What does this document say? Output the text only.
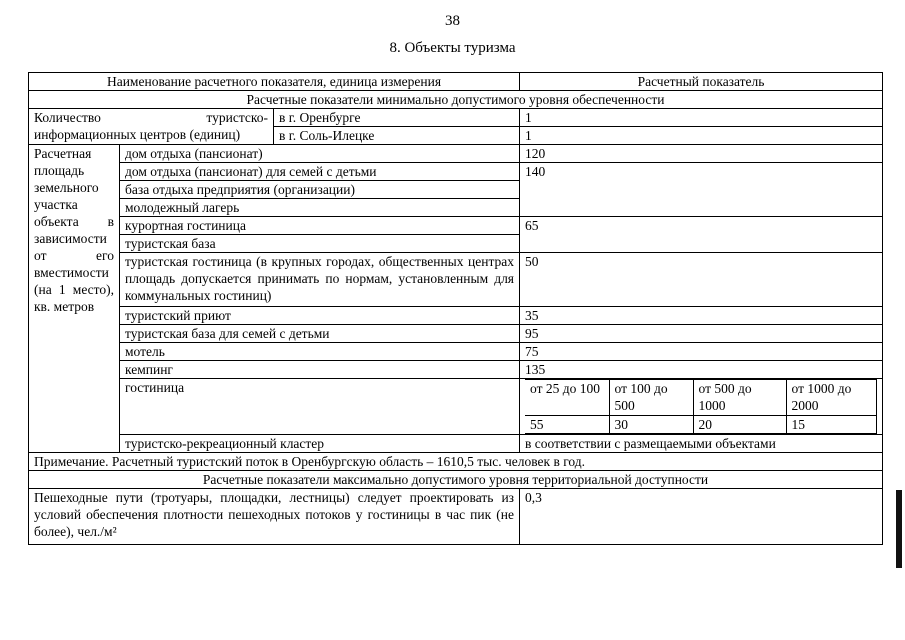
38
8. Объекты туризма
Наименование расчетного показателя, единица измерения	Расчетный показатель
Расчетные показатели минимально допустимого уровня обеспеченности
Количество туристско-информационных центров (единиц)	в г. Оренбурге	1
в г. Соль-Илецке	1
Расчетная площадь земельного участка объекта в зависимости от его вместимости (на 1 место), кв. метров	дом отдыха (пансионат)	120
дом отдыха (пансионат) для семей с детьми	140
база отдыха предприятия (организации)
молодежный лагерь
курортная гостиница	65
туристская база
туристская гостиница (в крупных городах, общественных центрах площадь допускается принимать по нормам, установленным для коммунальных гостиниц)	50
туристский приют	35
туристская база для семей с детьми	95
мотель	75
кемпинг	135
гостиница		от 25 до 100	от 100 до 500	от 500 до 1000	от 1000 до 2000
55	30	20	15

туристско-рекреационный кластер	в соответствии с размещаемыми объектами
Примечание. Расчетный туристский поток в Оренбургскую область – 1610,5 тыс. человек в год.
Расчетные показатели максимально допустимого уровня территориальной доступности
Пешеходные пути (тротуары, площадки, лестницы) следует проектировать из условий обеспечения плотности пешеходных потоков у гостиницы в час пик (не более), чел./м²	0,3
